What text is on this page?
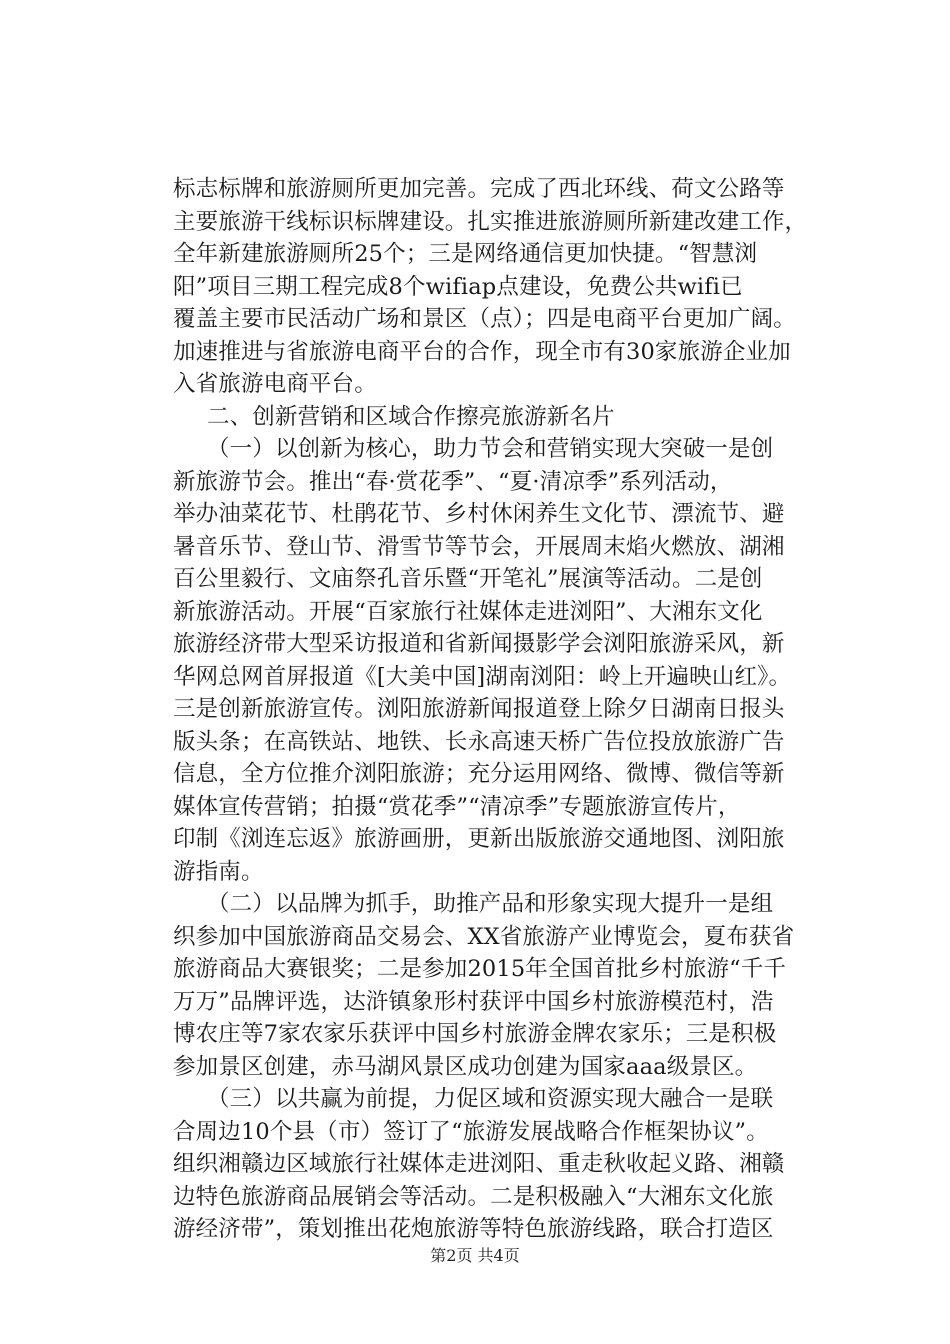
标志标牌和旅游厕所更加完善。完成了西北环线、荷文公路等
主要旅游干线标识标牌建设。扎实推进旅游厕所新建改建工作，
全年新建旅游厕所25个；三是网络通信更加快捷。“智慧浏
阳”项目三期工程完成8个wifiap点建设，免费公共wifi已
覆盖主要市民活动广场和景区（点）；四是电商平台更加广阔。
加速推进与省旅游电商平台的合作，现全市有30家旅游企业加
入省旅游电商平台。
二、创新营销和区域合作擦亮旅游新名片
（一）以创新为核心，助力节会和营销实现大突破一是创
新旅游节会。推出“春·赏花季”、“夏·清凉季”系列活动，
举办油菜花节、杜鹃花节、乡村休闲养生文化节、漂流节、避
暑音乐节、登山节、滑雪节等节会，开展周末焰火燃放、湖湘
百公里毅行、文庙祭孔音乐暨“开笔礼”展演等活动。二是创
新旅游活动。开展“百家旅行社媒体走进浏阳”、大湘东文化
旅游经济带大型采访报道和省新闻摄影学会浏阳旅游采风，新
华网总网首屏报道《[大美中国]湖南浏阳：岭上开遍映山红》。
三是创新旅游宣传。浏阳旅游新闻报道登上除夕日湖南日报头
版头条；在高铁站、地铁、长永高速天桥广告位投放旅游广告
信息，全方位推介浏阳旅游；充分运用网络、微博、微信等新
媒体宣传营销；拍摄“赏花季”“清凉季”专题旅游宣传片，
印制《浏连忘返》旅游画册，更新出版旅游交通地图、浏阳旅
游指南。
（二）以品牌为抓手，助推产品和形象实现大提升一是组
织参加中国旅游商品交易会、XX省旅游产业博览会，夏布获省
旅游商品大赛银奖；二是参加2015年全国首批乡村旅游“千千
万万”品牌评选，达浒镇象形村获评中国乡村旅游模范村，浩
博农庄等7家农家乐获评中国乡村旅游金牌农家乐；三是积极
参加景区创建，赤马湖风景区成功创建为国家aaa级景区。
（三）以共赢为前提，力促区域和资源实现大融合一是联
合周边10个县（市）签订了“旅游发展战略合作框架协议”。
组织湘赣边区域旅行社媒体走进浏阳、重走秋收起义路、湘赣
边特色旅游商品展销会等活动。二是积极融入“大湘东文化旅
游经济带”，策划推出花炮旅游等特色旅游线路，联合打造区
第2页 共4页
